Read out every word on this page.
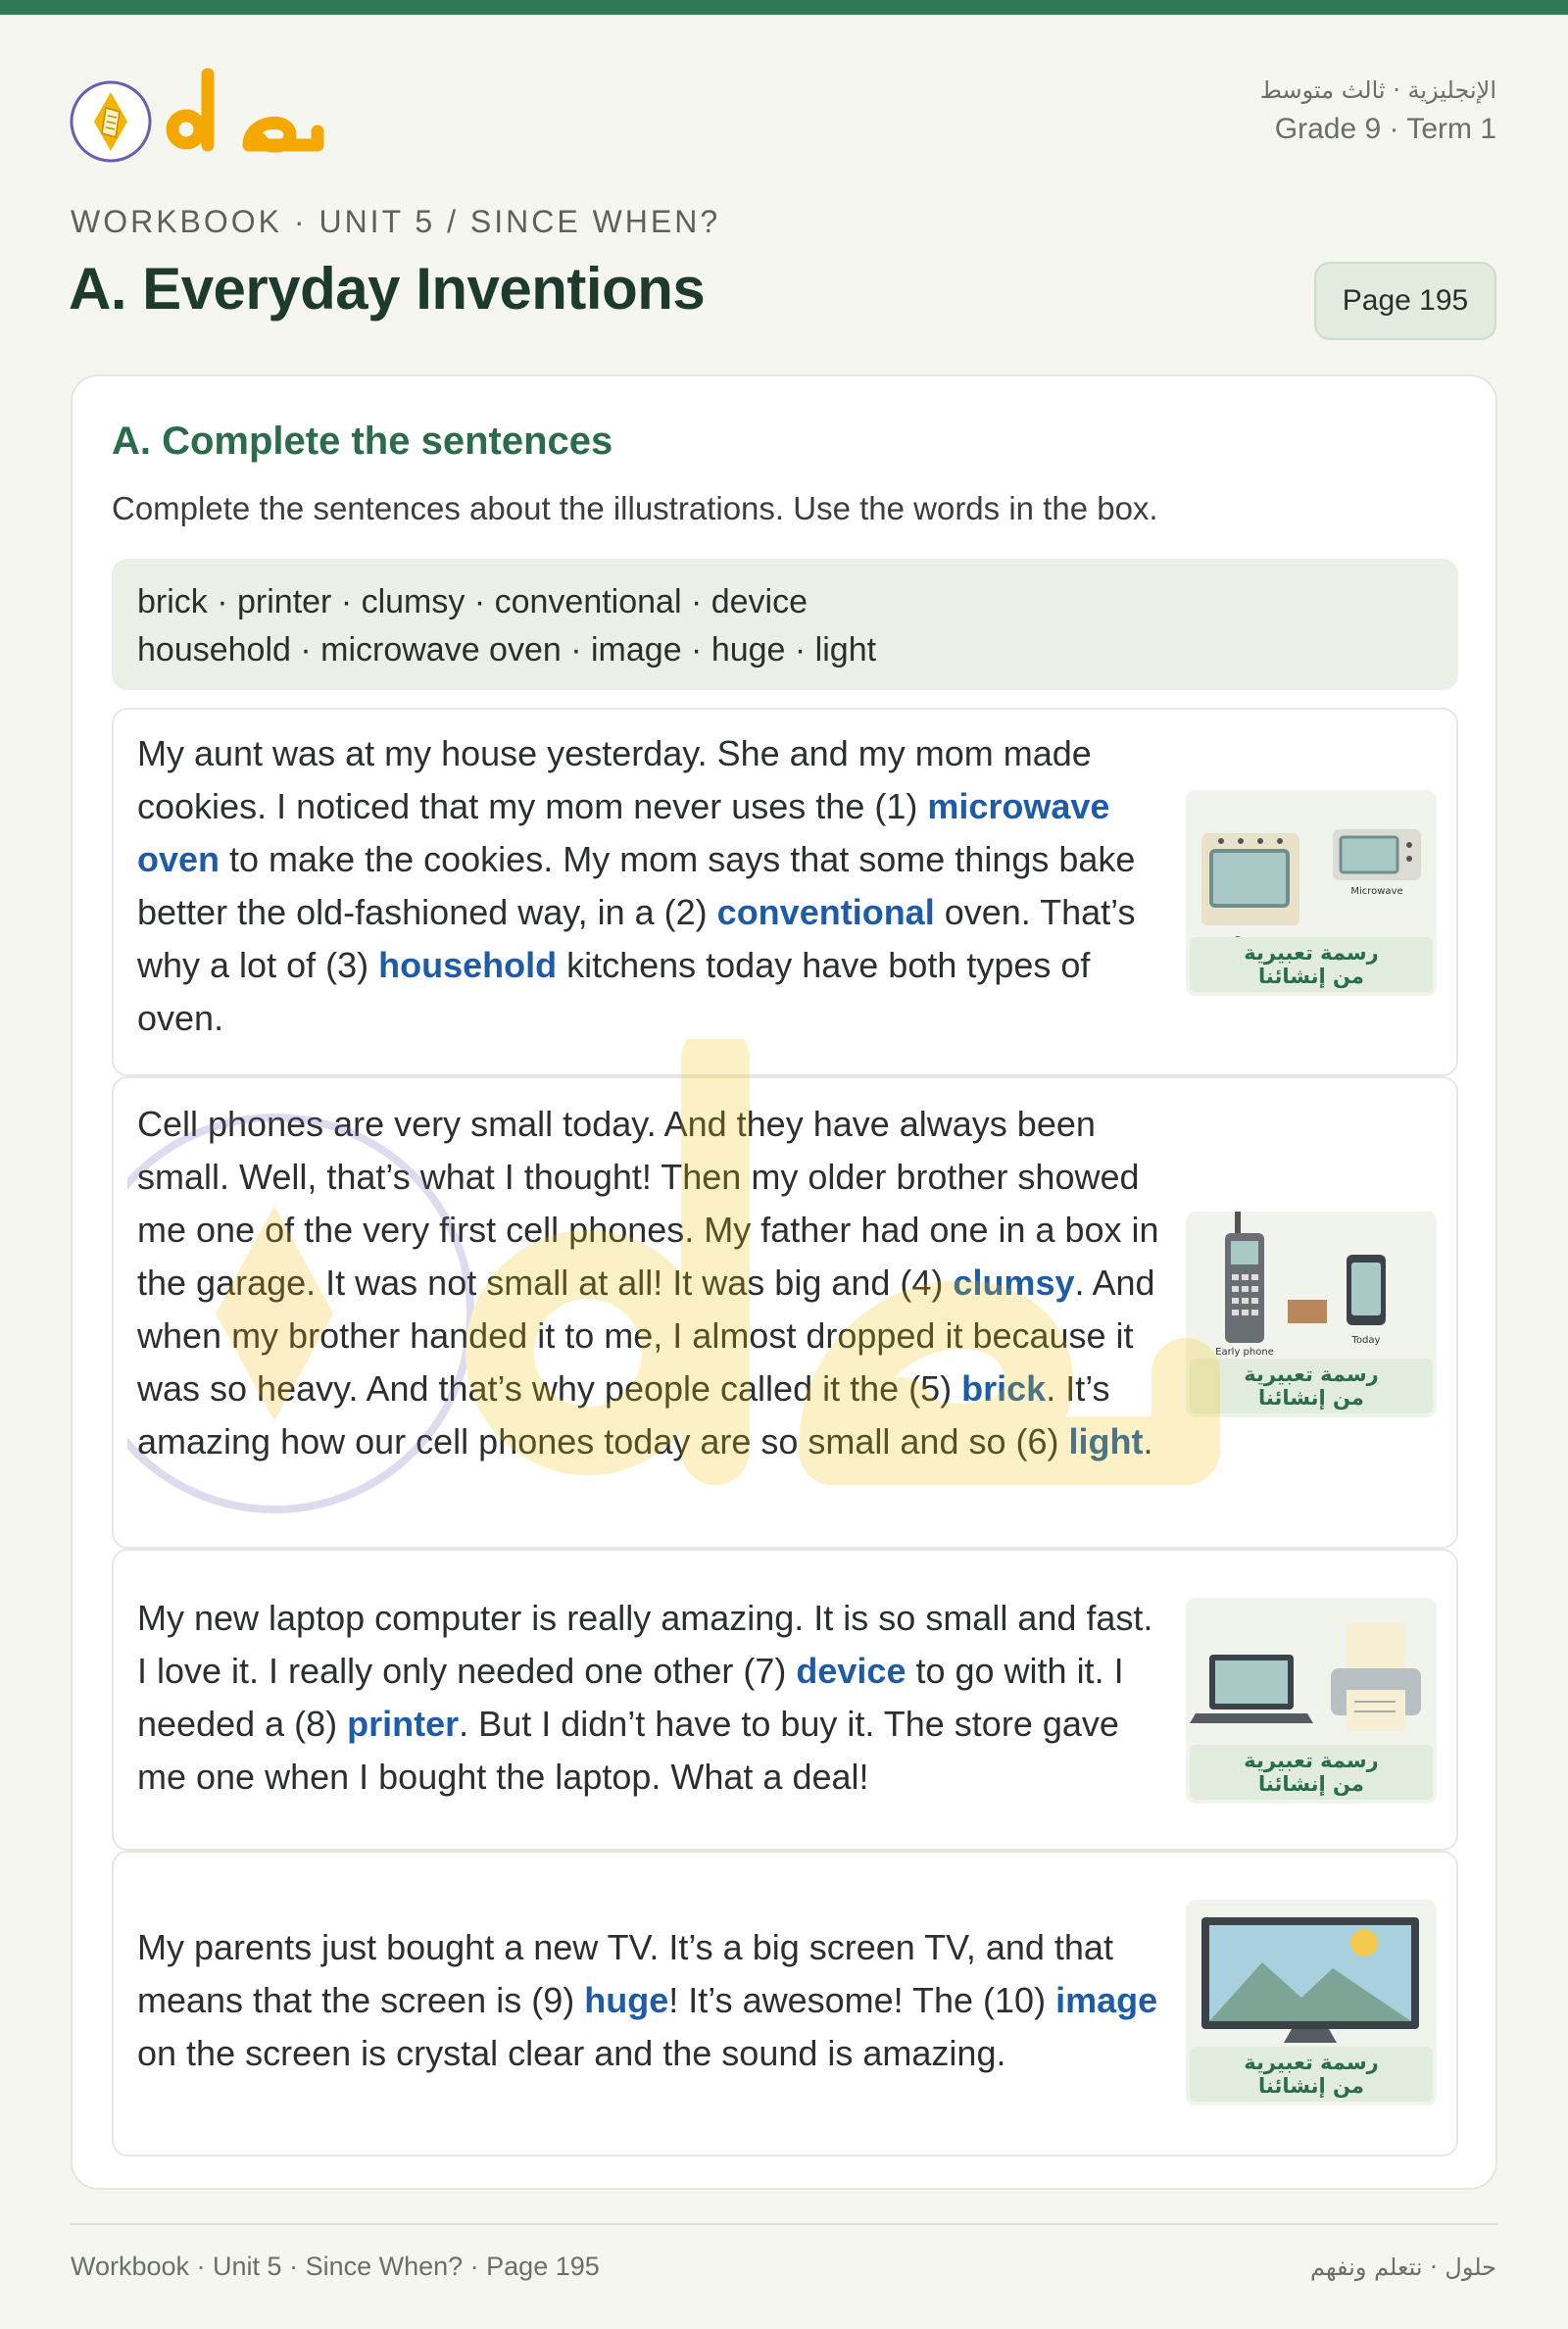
الإنجليزية · ثالث متوسط
Grade 9 · Term 1
WORKBOOK · UNIT 5 / SINCE WHEN?
A. Everyday Inventions	Page 195
A. Complete the sentences
Complete the sentences about the illustrations. Use the words in the box.
brick · printer · clumsy · conventional · device
household · microwave oven · image · huge · light
My aunt was at my house yesterday. She and my mom made cookies. I noticed that my mom never uses the (1) microwave oven to make the cookies. My mom says that some things bake better the old-fashioned way, in a (2) conventional oven. That’s why a lot of (3) household kitchens today have both types of oven.
Microwave
رسمة تعبيرية
من إنشائنا
Cell phones are very small today. And they have always been small. Well, that’s what I thought! Then my older brother showed me one of the very first cell phones. My father had one in a box in the garage. It was not small at all! It was big and (4) clumsy. And when my brother handed it to me, I almost dropped it because it was so heavy. And that’s why people called it the (5) brick. It’s amazing how our cell phones today are so small and so (6) light.
Early phone
Today
رسمة تعبيرية
من إنشائنا
My new laptop computer is really amazing. It is so small and fast. I love it. I really only needed one other (7) device to go with it. I needed a (8) printer. But I didn’t have to buy it. The store gave me one when I bought the laptop. What a deal!	رسمة تعبيرية
من إنشائنا
My parents just bought a new TV. It’s a big screen TV, and that means that the screen is (9) huge! It’s awesome! The (10) image on the screen is crystal clear and the sound is amazing.	رسمة تعبيرية
من إنشائنا
Workbook · Unit 5 · Since When? · Page 195	حلول · نتعلم ونفهم
